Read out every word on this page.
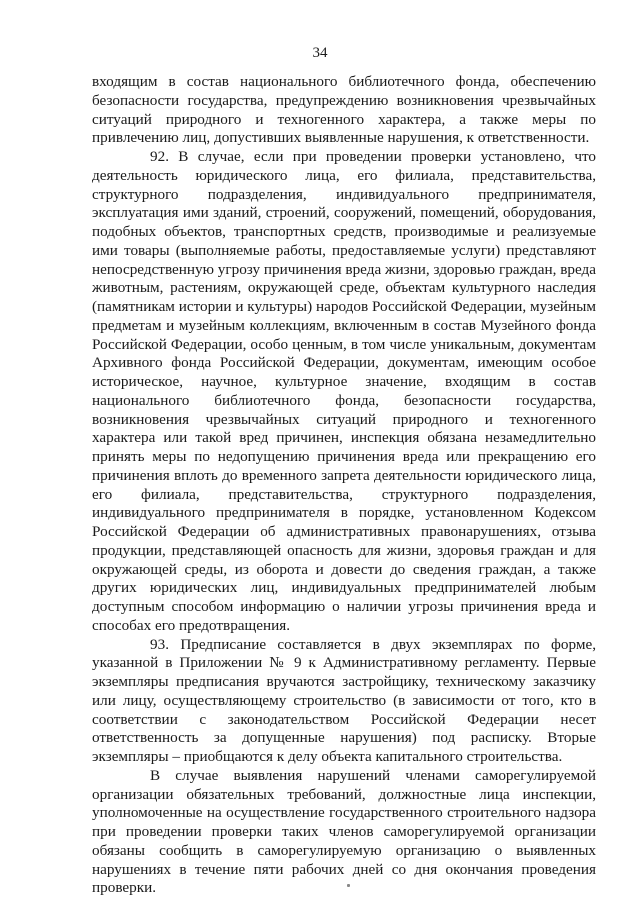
34

входящим в состав национального библиотечного фонда, обеспечению безопасности государства, предупреждению возникновения чрезвычайных ситуаций природного и техногенного характера, а также меры по привлечению лиц, допустивших выявленные нарушения, к ответственности.

92. В случае, если при проведении проверки установлено, что деятельность юридического лица, его филиала, представительства, структурного подразделения, индивидуального предпринимателя, эксплуатация ими зданий, строений, сооружений, помещений, оборудования, подобных объектов, транспортных средств, производимые и реализуемые ими товары (выполняемые работы, предоставляемые услуги) представляют непосредственную угрозу причинения вреда жизни, здоровью граждан, вреда животным, растениям, окружающей среде, объектам культурного наследия (памятникам истории и культуры) народов Российской Федерации, музейным предметам и музейным коллекциям, включенным в состав Музейного фонда Российской Федерации, особо ценным, в том числе уникальным, документам Архивного фонда Российской Федерации, документам, имеющим особое историческое, научное, культурное значение, входящим в состав национального библиотечного фонда, безопасности государства, возникновения чрезвычайных ситуаций природного и техногенного характера или такой вред причинен, инспекция обязана незамедлительно принять меры по недопущению причинения вреда или прекращению его причинения вплоть до временного запрета деятельности юридического лица, его филиала, представительства, структурного подразделения, индивидуального предпринимателя в порядке, установленном Кодексом Российской Федерации об административных правонарушениях, отзыва продукции, представляющей опасность для жизни, здоровья граждан и для окружающей среды, из оборота и довести до сведения граждан, а также других юридических лиц, индивидуальных предпринимателей любым доступным способом информацию о наличии угрозы причинения вреда и способах его предотвращения.

93. Предписание составляется в двух экземплярах по форме, указанной в Приложении № 9 к Административному регламенту. Первые экземпляры предписания вручаются застройщику, техническому заказчику или лицу, осуществляющему строительство (в зависимости от того, кто в соответствии с законодательством Российской Федерации несет ответственность за допущенные нарушения) под расписку. Вторые экземпляры – приобщаются к делу объекта капитального строительства.

В случае выявления нарушений членами саморегулируемой организации обязательных требований, должностные лица инспекции, уполномоченные на осуществление государственного строительного надзора при проведении проверки таких членов саморегулируемой организации обязаны сообщить в саморегулируемую организацию о выявленных нарушениях в течение пяти рабочих дней со дня окончания проведения проверки.
